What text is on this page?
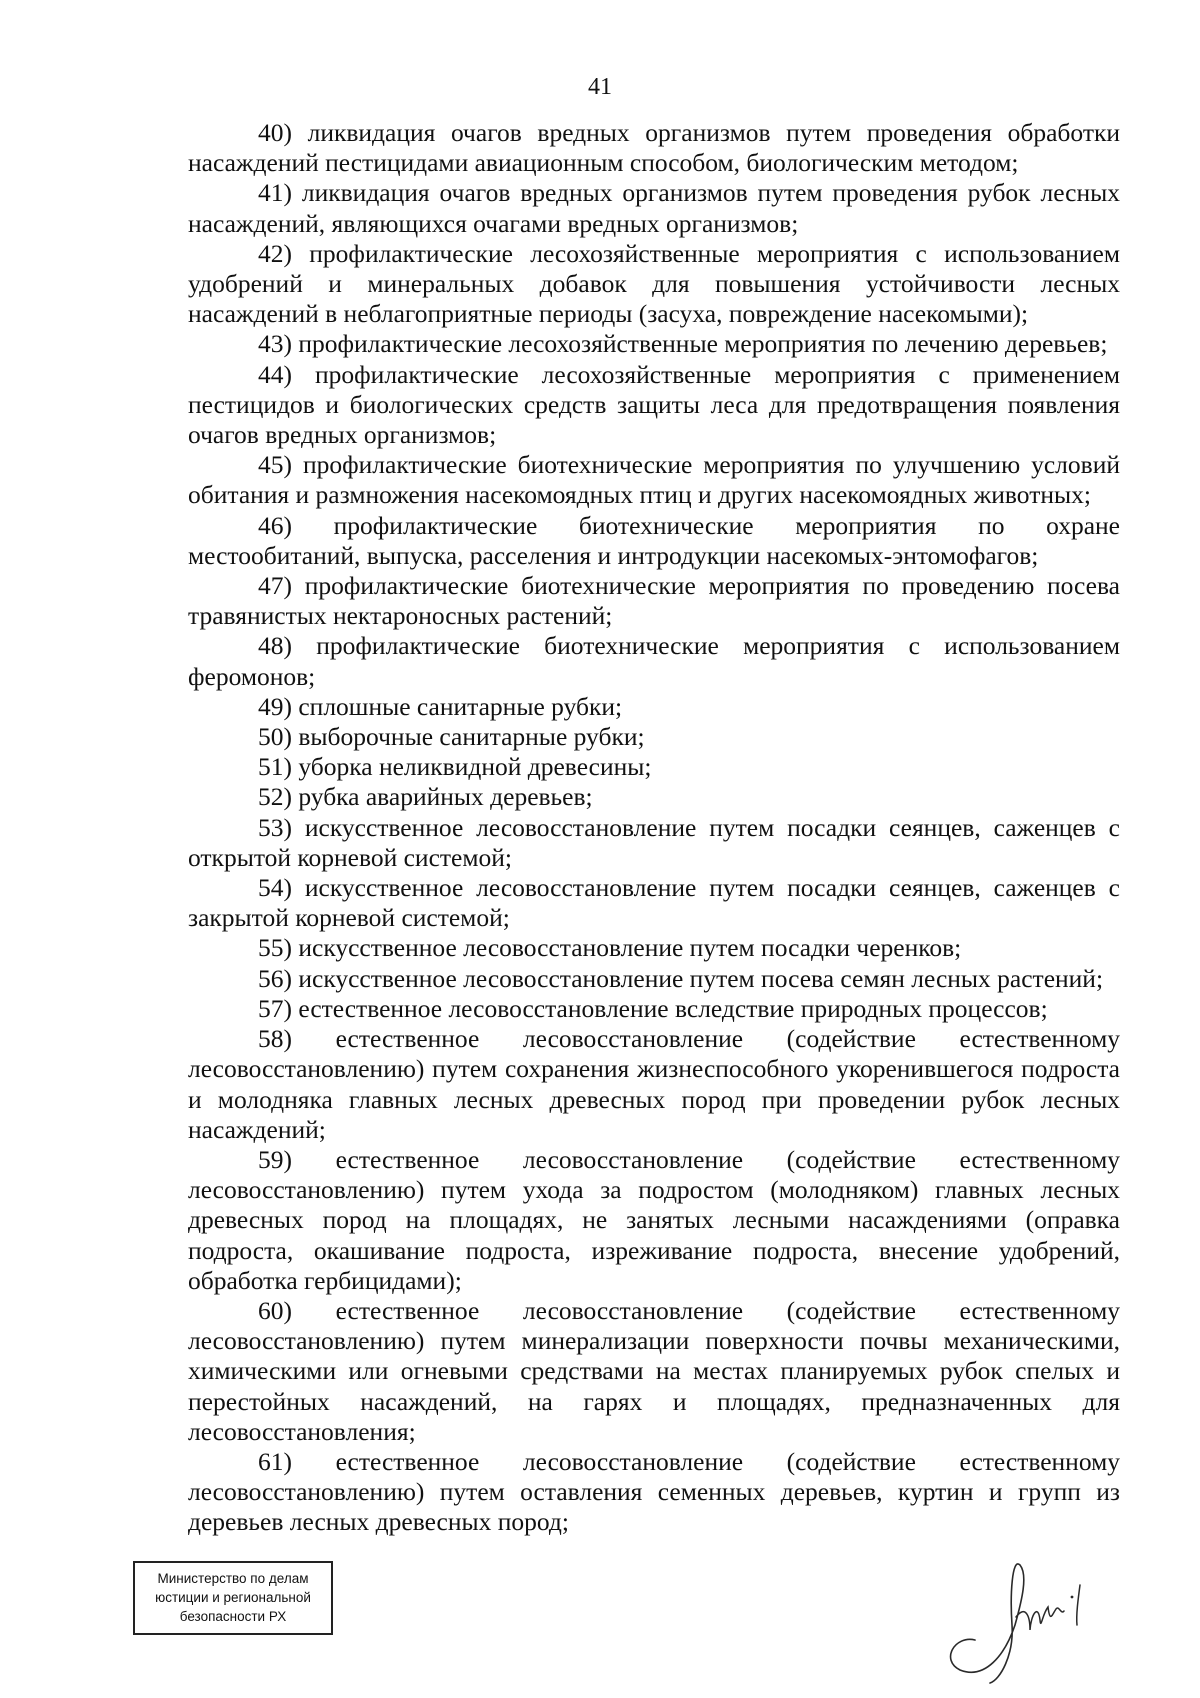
41

40) ликвидация очагов вредных организмов путем проведения обработки насаждений пестицидами авиационным способом, биологическим методом;

41) ликвидация очагов вредных организмов путем проведения рубок лесных насаждений, являющихся очагами вредных организмов;

42) профилактические лесохозяйственные мероприятия с использованием удобрений и минеральных добавок для повышения устойчивости лесных насаждений в неблагоприятные периоды (засуха, повреждение насекомыми);

43) профилактические лесохозяйственные мероприятия по лечению деревьев;

44) профилактические лесохозяйственные мероприятия с применением пестицидов и биологических средств защиты леса для предотвращения появления очагов вредных организмов;

45) профилактические биотехнические мероприятия по улучшению условий обитания и размножения насекомоядных птиц и других насекомоядных животных;

46) профилактические биотехнические мероприятия по охране местообитаний, выпуска, расселения и интродукции насекомых-энтомофагов;

47) профилактические биотехнические мероприятия по проведению посева травянистых нектароносных растений;

48) профилактические биотехнические мероприятия с использованием феромонов;

49) сплошные санитарные рубки;

50) выборочные санитарные рубки;

51) уборка неликвидной древесины;

52) рубка аварийных деревьев;

53) искусственное лесовосстановление путем посадки сеянцев, саженцев с открытой корневой системой;

54) искусственное лесовосстановление путем посадки сеянцев, саженцев с закрытой корневой системой;

55) искусственное лесовосстановление путем посадки черенков;

56) искусственное лесовосстановление путем посева семян лесных растений;

57) естественное лесовосстановление вследствие природных процессов;

58) естественное лесовосстановление (содействие естественному лесовосстановлению) путем сохранения жизнеспособного укоренившегося подроста и молодняка главных лесных древесных пород при проведении рубок лесных насаждений;

59) естественное лесовосстановление (содействие естественному лесовосстановлению) путем ухода за подростом (молодняком) главных лесных древесных пород на площадях, не занятых лесными насаждениями (оправка подроста, окашивание подроста, изреживание подроста, внесение удобрений, обработка гербицидами);

60) естественное лесовосстановление (содействие естественному лесовосстановлению) путем минерализации поверхности почвы механическими, химическими или огневыми средствами на местах планируемых рубок спелых и перестойных насаждений, на гарях и площадях, предназначенных для лесовосстановления;

61) естественное лесовосстановление (содействие естественному лесовосстановлению) путем оставления семенных деревьев, куртин и групп из деревьев лесных древесных пород;

Министерство по делам
юстиции и региональной
безопасности РХ
